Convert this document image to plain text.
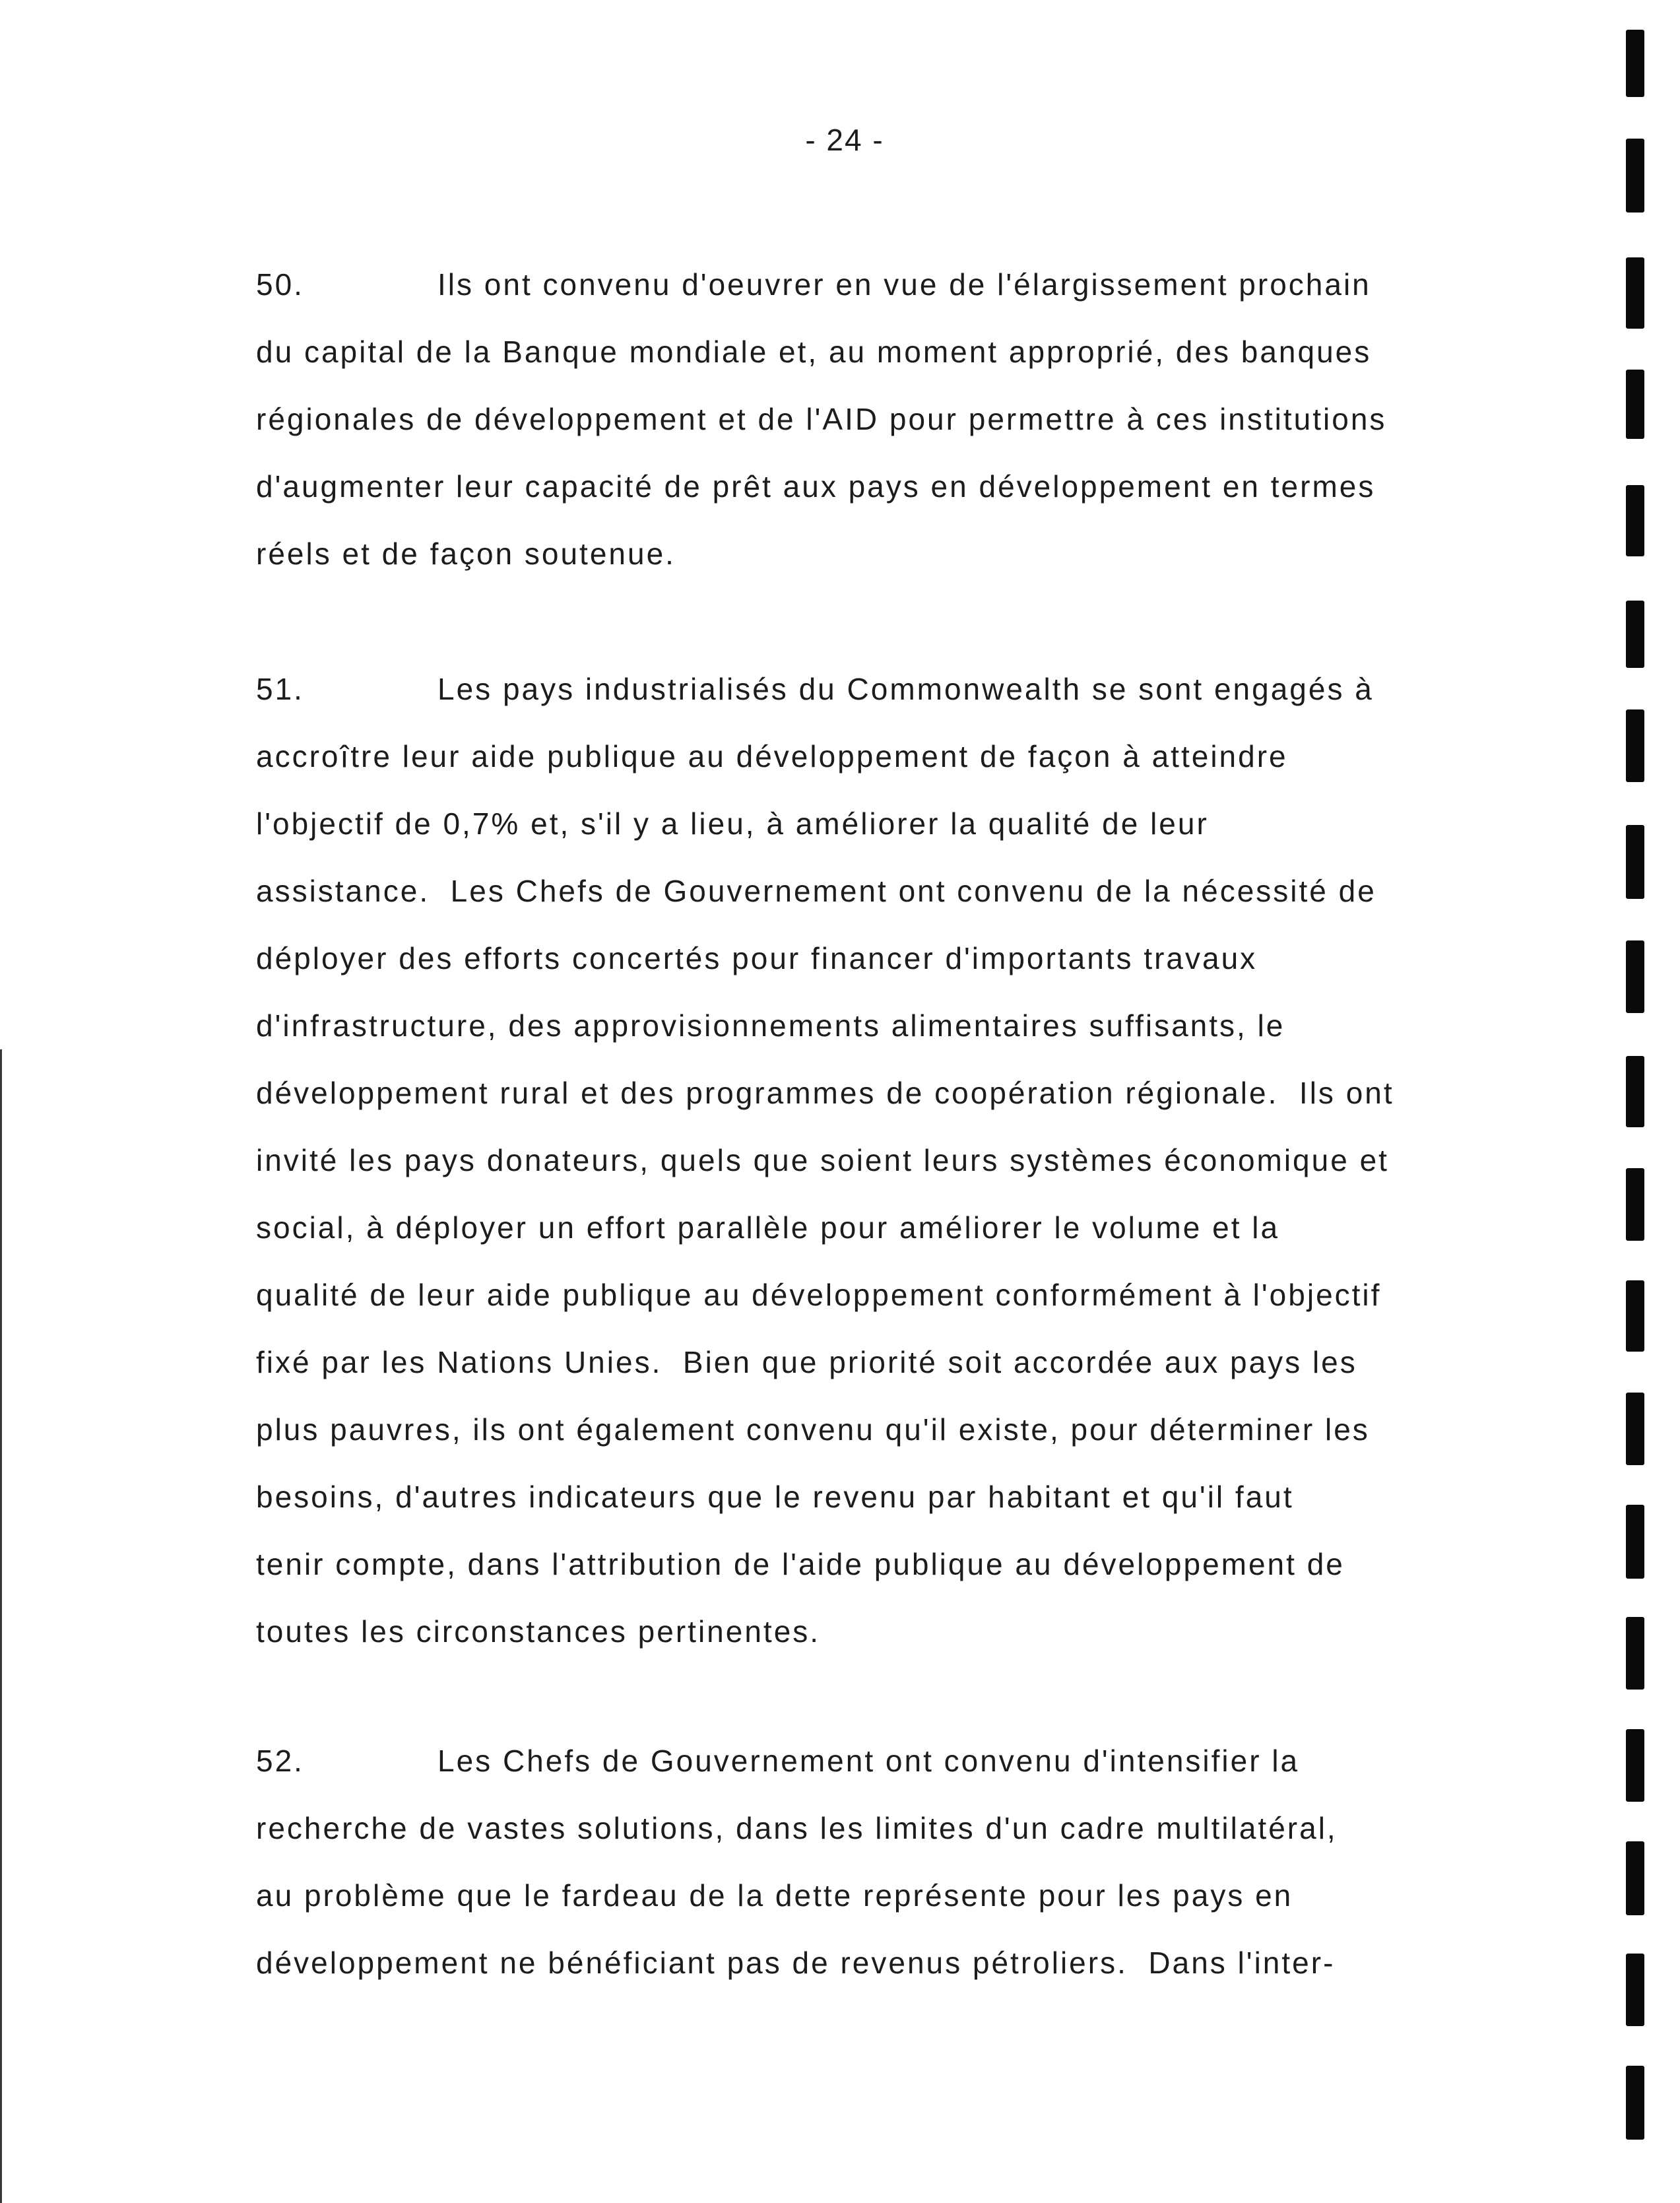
- 24 -
50.	Ils ont convenu d'oeuvrer en vue de l'élargissement prochain
du capital de la Banque mondiale et, au moment approprié, des banques
régionales de développement et de l'AID pour permettre à ces institutions
d'augmenter leur capacité de prêt aux pays en développement en termes
réels et de façon soutenue.
51.	Les pays industrialisés du Commonwealth se sont engagés à
accroître leur aide publique au développement de façon à atteindre
l'objectif de 0,7% et, s'il y a lieu, à améliorer la qualité de leur
assistance.  Les Chefs de Gouvernement ont convenu de la nécessité de
déployer des efforts concertés pour financer d'importants travaux
d'infrastructure, des approvisionnements alimentaires suffisants, le
développement rural et des programmes de coopération régionale.  Ils ont
invité les pays donateurs, quels que soient leurs systèmes économique et
social, à déployer un effort parallèle pour améliorer le volume et la
qualité de leur aide publique au développement conformément à l'objectif
fixé par les Nations Unies.  Bien que priorité soit accordée aux pays les
plus pauvres, ils ont également convenu qu'il existe, pour déterminer les
besoins, d'autres indicateurs que le revenu par habitant et qu'il faut
tenir compte, dans l'attribution de l'aide publique au développement de
toutes les circonstances pertinentes.
52.	Les Chefs de Gouvernement ont convenu d'intensifier la
recherche de vastes solutions, dans les limites d'un cadre multilatéral,
au problème que le fardeau de la dette représente pour les pays en
développement ne bénéficiant pas de revenus pétroliers.  Dans l'inter-
